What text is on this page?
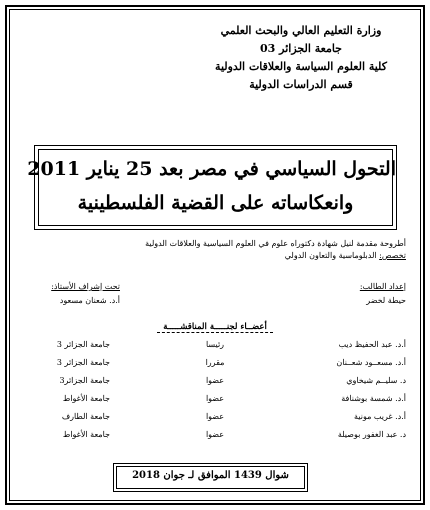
وزارة التعليم العالي والبحث العلمي
جامعة الجزائر 03
كلية العلوم السياسة والعلاقات الدولية
قسم الدراسات الدولية
التحول السياسي في مصر بعد 25 يناير 2011
وانعكاساته على القضية الفلسطينية
أطروحة مقدمة لنيل شهادة دكتوراه علوم في العلوم السياسية والعلاقات الدولية
تخصص: الدبلوماسية والتعاون الدولي
إعداد الطالب:
حيطة لخضر
تحت إشراف الأستاذ:
أ.د. شعنان مسعود
أعضــاء لجنـــــة المناقشـــــة
أ.د. عبد الحفيظ ديب
رئيسا
جامعة الجزائر 3
أ.د. مسعــود شعــنان
مقررا
جامعة الجزائر 3
د. سليــم شيخاوي
عضوا
جامعة الجزائر3
أ.د. شمسة بوشنافة
عضوا
جامعة الأغواط
أ.د. غريب مونية
عضوا
جامعة الطارف
د. عبد الغفور بوصيلة
عضوا
جامعة الأغواط
شوال 1439 الموافق لـ جوان 2018
